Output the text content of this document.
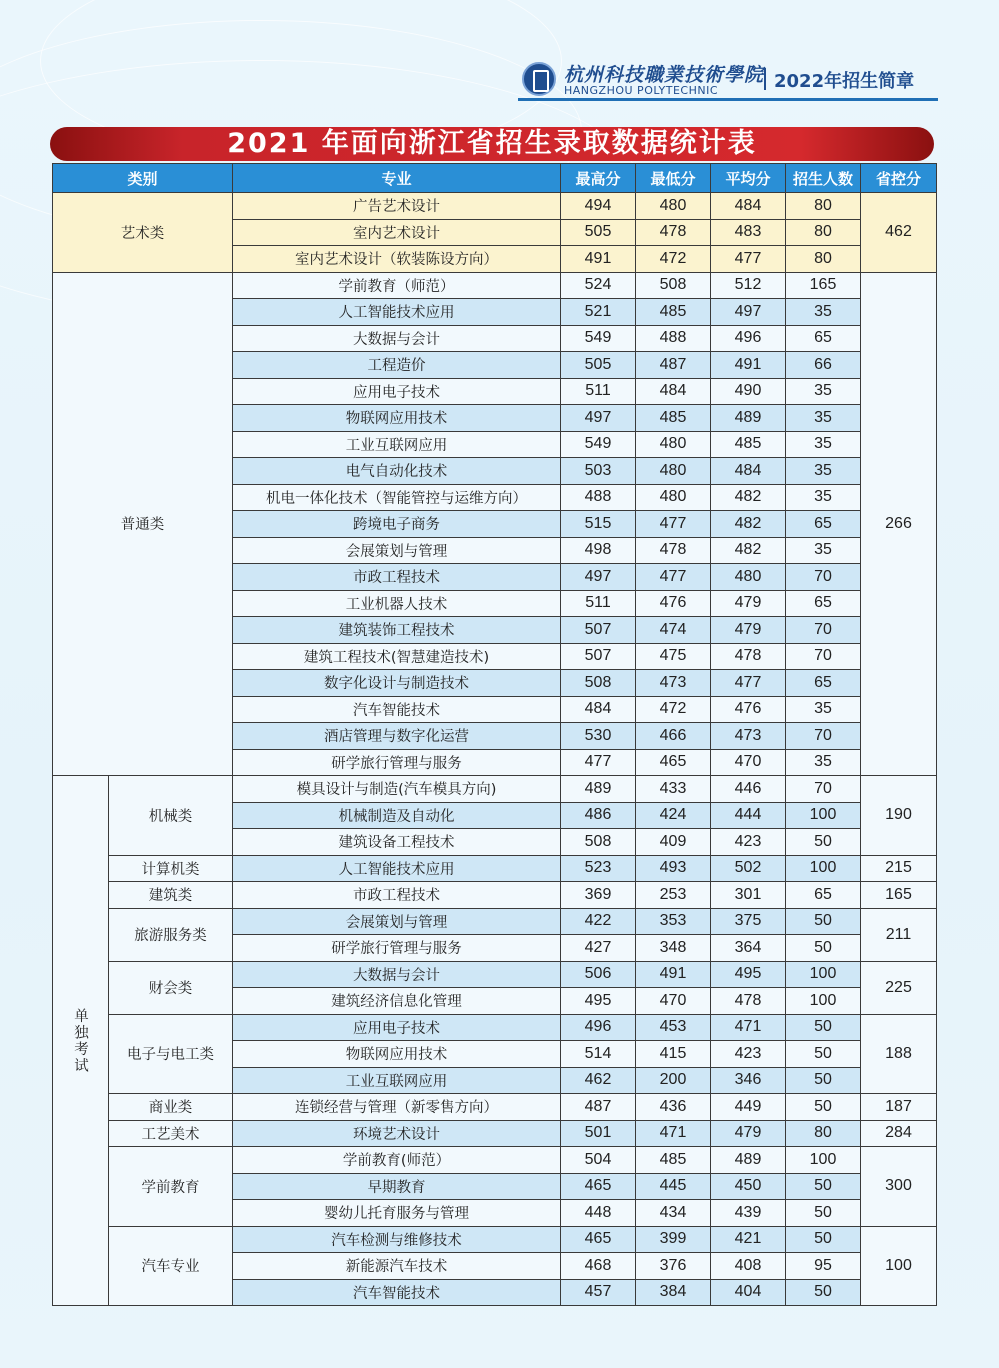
杭州科技職業技術學院
HANGZHOU POLYTECHNIC	2022年招生简章
2021 年面向浙江省招生录取数据统计表
类别		专业	最高分	最低分	平均分	招生人数	省控分
艺术类		广告艺术设计	494	480	484	80	462
		室内艺术设计	505	478	483	80	
		室内艺术设计（软装陈设方向）	491	472	477	80	
普通类		学前教育（师范）	524	508	512	165	266
		人工智能技术应用	521	485	497	35	
		大数据与会计	549	488	496	65	
		工程造价	505	487	491	66	
		应用电子技术	511	484	490	35	
		物联网应用技术	497	485	489	35	
		工业互联网应用	549	480	485	35	
		电气自动化技术	503	480	484	35	
		机电一体化技术（智能管控与运维方向）	488	480	482	35	
		跨境电子商务	515	477	482	65	
		会展策划与管理	498	478	482	35	
		市政工程技术	497	477	480	70	
		工业机器人技术	511	476	479	65	
		建筑装饰工程技术	507	474	479	70	
		建筑工程技术(智慧建造技术)	507	475	478	70	
		数字化设计与制造技术	508	473	477	65	
		汽车智能技术	484	472	476	35	
		酒店管理与数字化运营	530	466	473	70	
		研学旅行管理与服务	477	465	470	35	

单独考试	机械类	模具设计与制造(汽车模具方向)	489	433	446	70	190
		机械制造及自动化	486	424	444	100	
		建筑设备工程技术	508	409	423	50	
	计算机类	人工智能技术应用	523	493	502	100	215
	建筑类	市政工程技术	369	253	301	65	165
	旅游服务类	会展策划与管理	422	353	375	50	211
		研学旅行管理与服务	427	348	364	50	
	财会类	大数据与会计	506	491	495	100	225
		建筑经济信息化管理	495	470	478	100	
	电子与电工类	应用电子技术	496	453	471	50	188
		物联网应用技术	514	415	423	50	
		工业互联网应用	462	200	346	50	
	商业类	连锁经营与管理（新零售方向）	487	436	449	50	187
	工艺美术	环境艺术设计	501	471	479	80	284
	学前教育	学前教育(师范）	504	485	489	100	300
		早期教育	465	445	450	50	
		婴幼儿托育服务与管理	448	434	439	50	
	汽车专业	汽车检测与维修技术	465	399	421	50	100
		新能源汽车技术	468	376	408	95	
		汽车智能技术	457	384	404	50	
